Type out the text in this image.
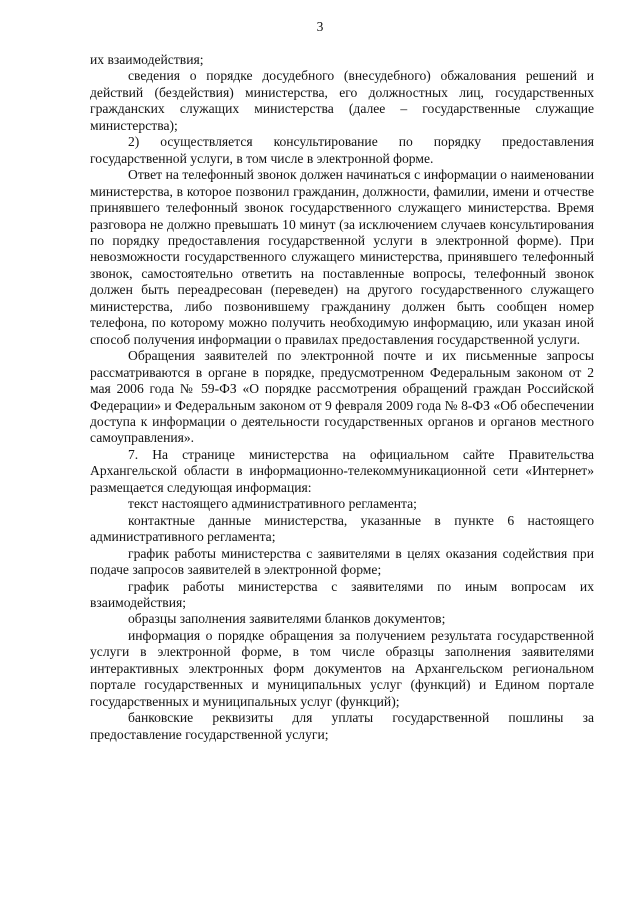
3

их взаимодействия;

сведения о порядке досудебного (внесудебного) обжалования решений и действий (бездействия) министерства, его должностных лиц, государственных гражданских служащих министерства (далее – государственные служащие министерства);

2) осуществляется консультирование по порядку предоставления государственной услуги, в том числе в электронной форме.

Ответ на телефонный звонок должен начинаться с информации о наименовании министерства, в которое позвонил гражданин, должности, фамилии, имени и отчестве принявшего телефонный звонок государственного служащего министерства. Время разговора не должно превышать 10 минут (за исключением случаев консультирования по порядку предоставления государственной услуги в электронной форме). При невозможности государственного служащего министерства, принявшего телефонный звонок, самостоятельно ответить на поставленные вопросы, телефонный звонок должен быть переадресован (переведен) на другого государственного служащего министерства, либо позвонившему гражданину должен быть сообщен номер телефона, по которому можно получить необходимую информацию, или указан иной способ получения информации о правилах предоставления государственной услуги.

Обращения заявителей по электронной почте и их письменные запросы рассматриваются в органе в порядке, предусмотренном Федеральным законом от 2 мая 2006 года № 59-ФЗ «О порядке рассмотрения обращений граждан Российской Федерации» и Федеральным законом от 9 февраля 2009 года № 8-ФЗ «Об обеспечении доступа к информации о деятельности государственных органов и органов местного самоуправления».

7. На странице министерства на официальном сайте Правительства Архангельской области в информационно-телекоммуникационной сети «Интернет» размещается следующая информация:

текст настоящего административного регламента;

контактные данные министерства, указанные в пункте 6 настоящего административного регламента;

график работы министерства с заявителями в целях оказания содействия при подаче запросов заявителей в электронной форме;

график работы министерства с заявителями по иным вопросам их взаимодействия;

образцы заполнения заявителями бланков документов;

информация о порядке обращения за получением результата государственной услуги в электронной форме, в том числе образцы заполнения заявителями интерактивных электронных форм документов на Архангельском региональном портале государственных и муниципальных услуг (функций) и Едином портале государственных и муниципальных услуг (функций);

банковские реквизиты для уплаты государственной пошлины за предоставление государственной услуги;
